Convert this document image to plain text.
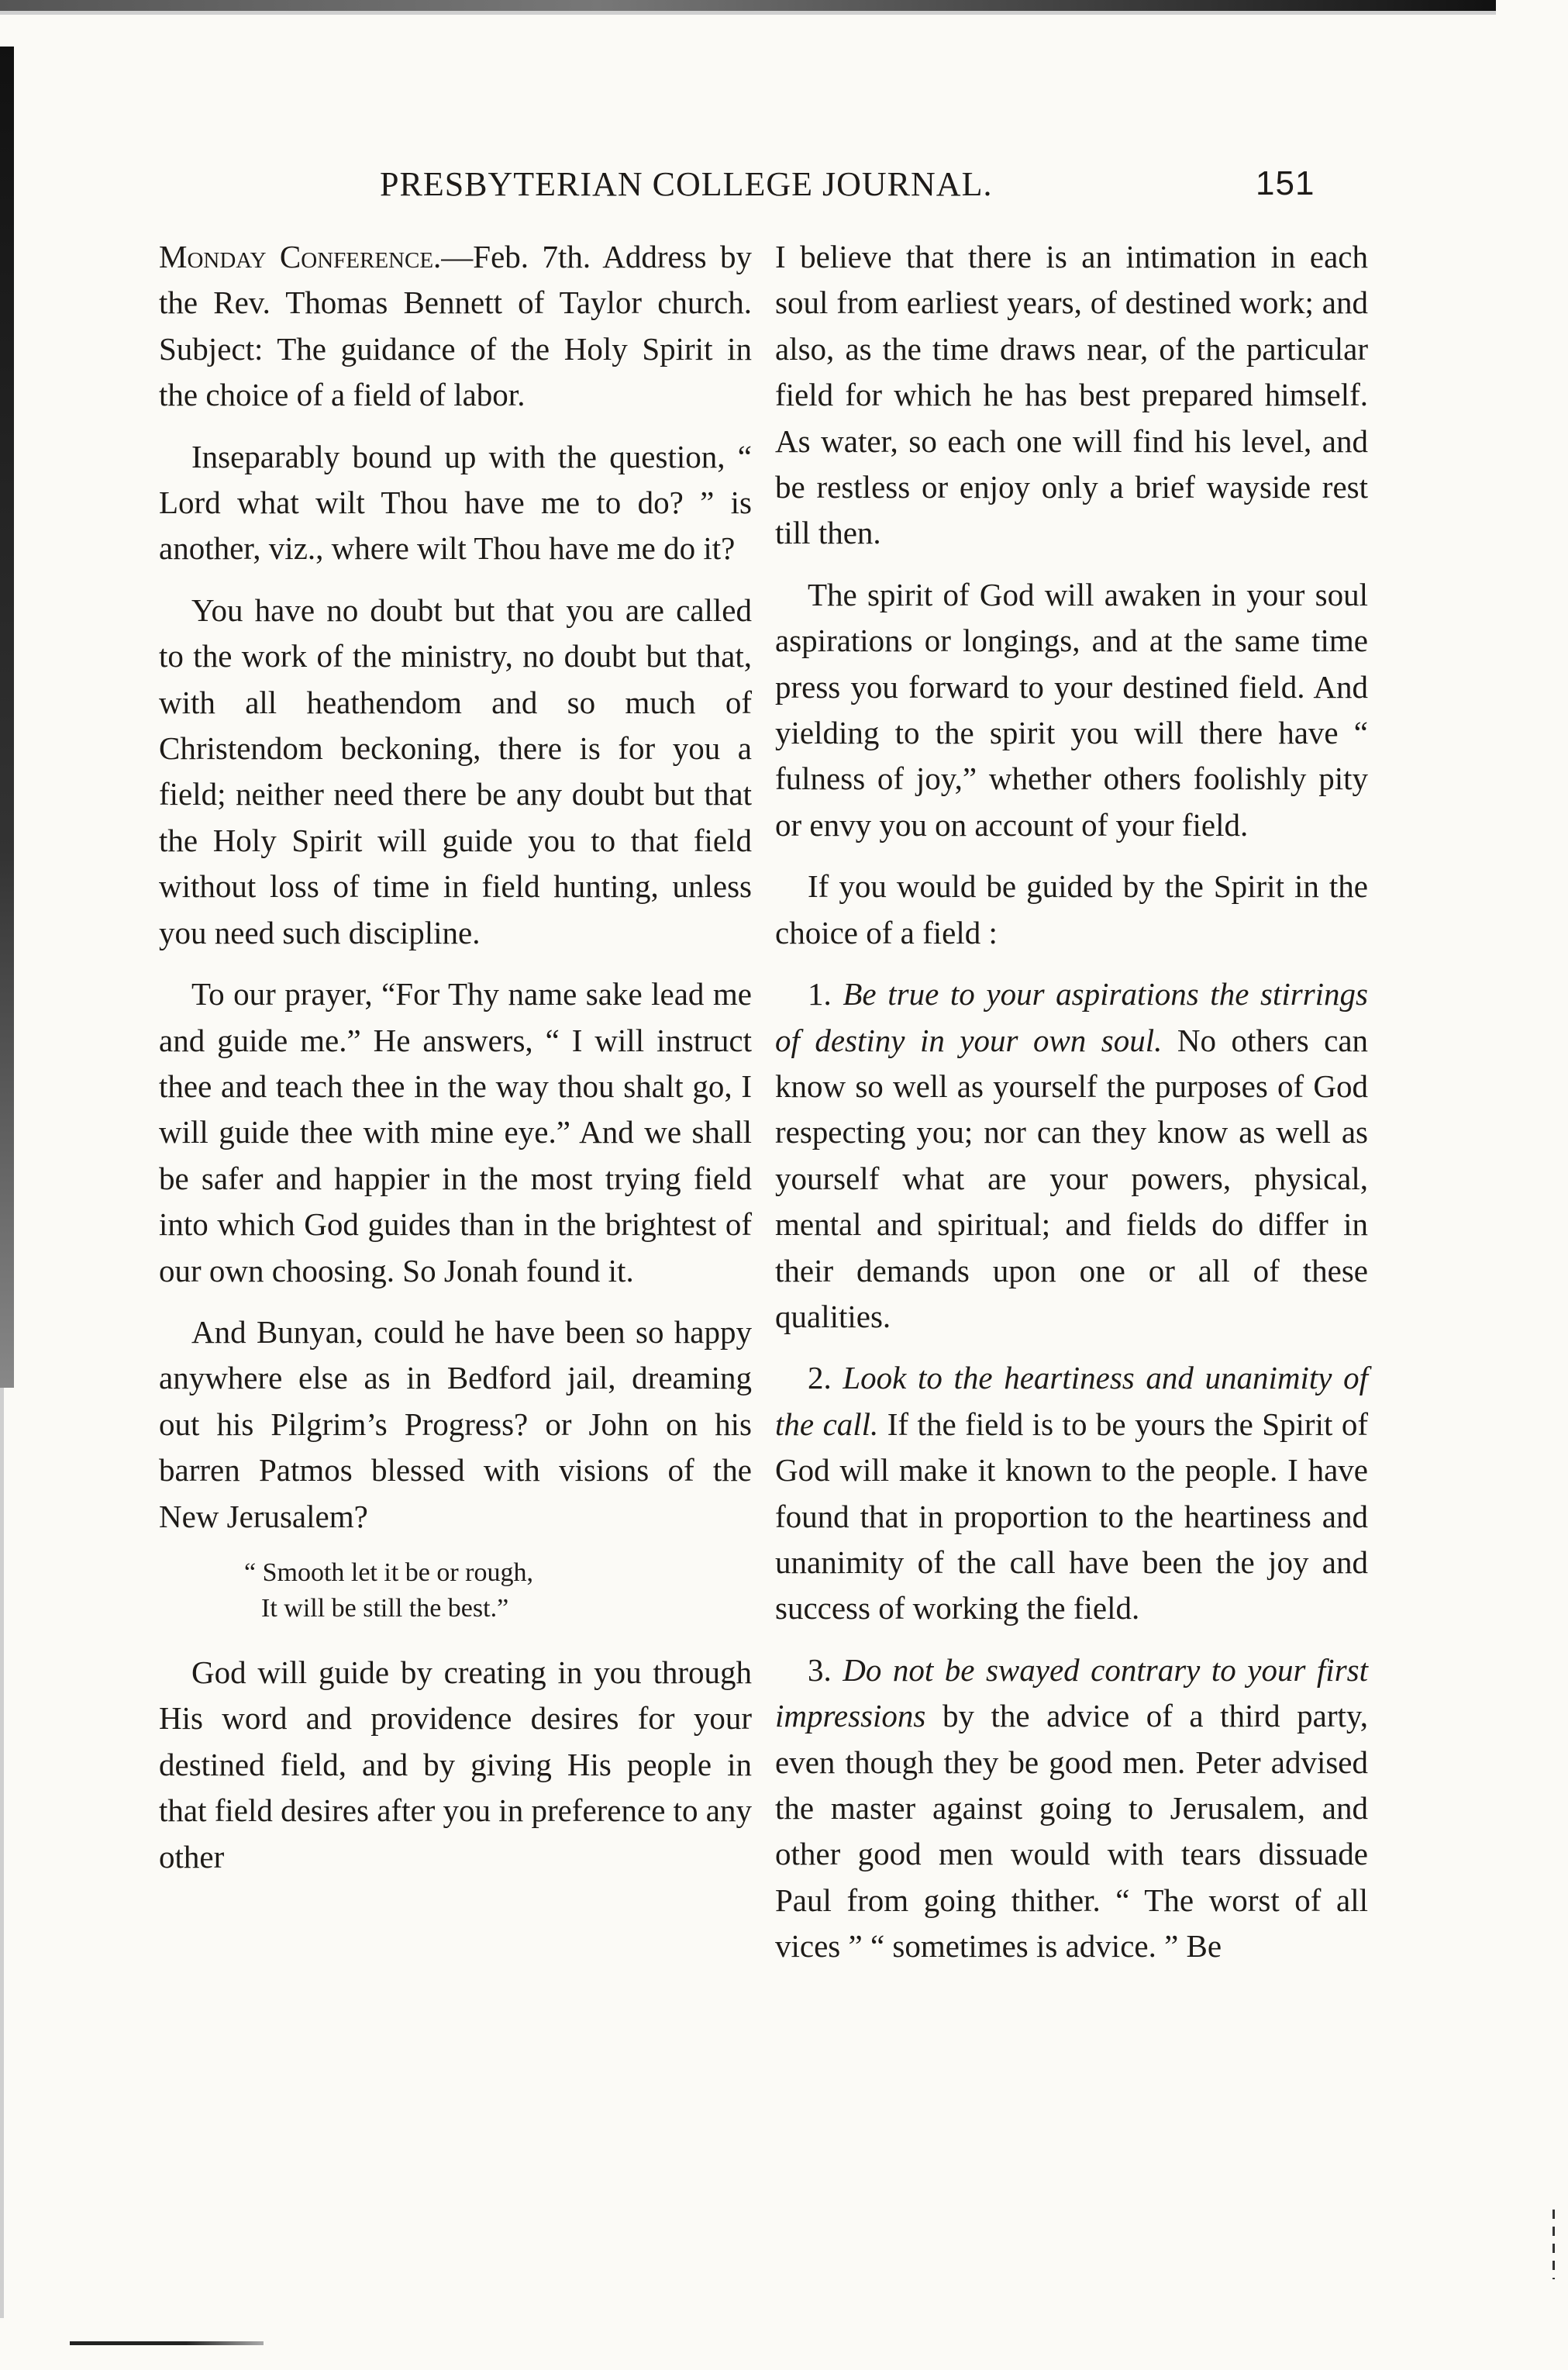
PRESBYTERIAN COLLEGE JOURNAL.	151

Monday Conference.—Feb. 7th. Address by the Rev. Thomas Bennett of Taylor church. Subject: The guidance of the Holy Spirit in the choice of a field of labor.

Inseparably bound up with the question, “ Lord what wilt Thou have me to do? ” is another, viz., where wilt Thou have me do it?

You have no doubt but that you are called to the work of the ministry, no doubt but that, with all heathendom and so much of Christendom beckoning, there is for you a field; neither need there be any doubt but that the Holy Spirit will guide you to that field without loss of time in field hunting, unless you need such discipline.

To our prayer, “For Thy name sake lead me and guide me.” He answers, “ I will instruct thee and teach thee in the way thou shalt go, I will guide thee with mine eye.” And we shall be safer and happier in the most trying field into which God guides than in the brightest of our own choosing. So Jonah found it.

And Bunyan, could he have been so happy anywhere else as in Bedford jail, dreaming out his Pilgrim’s Progress? or John on his barren Patmos blessed with visions of the New Jerusalem?

“ Smooth let it be or rough,
It will be still the best.”

God will guide by creating in you through His word and providence desires for your destined field, and by giving His people in that field desires after you in preference to any other

I believe that there is an intimation in each soul from earliest years, of destined work; and also, as the time draws near, of the particular field for which he has best prepared himself. As water, so each one will find his level, and be restless or enjoy only a brief wayside rest till then.

The spirit of God will awaken in your soul aspirations or longings, and at the same time press you forward to your destined field. And yielding to the spirit you will there have “ fulness of joy,” whether others foolishly pity or envy you on account of your field.

If you would be guided by the Spirit in the choice of a field :

1. Be true to your aspirations the stirrings of destiny in your own soul. No others can know so well as yourself the purposes of God respecting you; nor can they know as well as yourself what are your powers, physical, mental and spiritual; and fields do differ in their demands upon one or all of these qualities.

2. Look to the heartiness and unanimity of the call. If the field is to be yours the Spirit of God will make it known to the people. I have found that in proportion to the heartiness and unanimity of the call have been the joy and success of working the field.

3. Do not be swayed contrary to your first impressions by the advice of a third party, even though they be good men. Peter advised the master against going to Jerusalem, and other good men would with tears dissuade Paul from going thither. “ The worst of all vices ” “ sometimes is advice. ” Be
